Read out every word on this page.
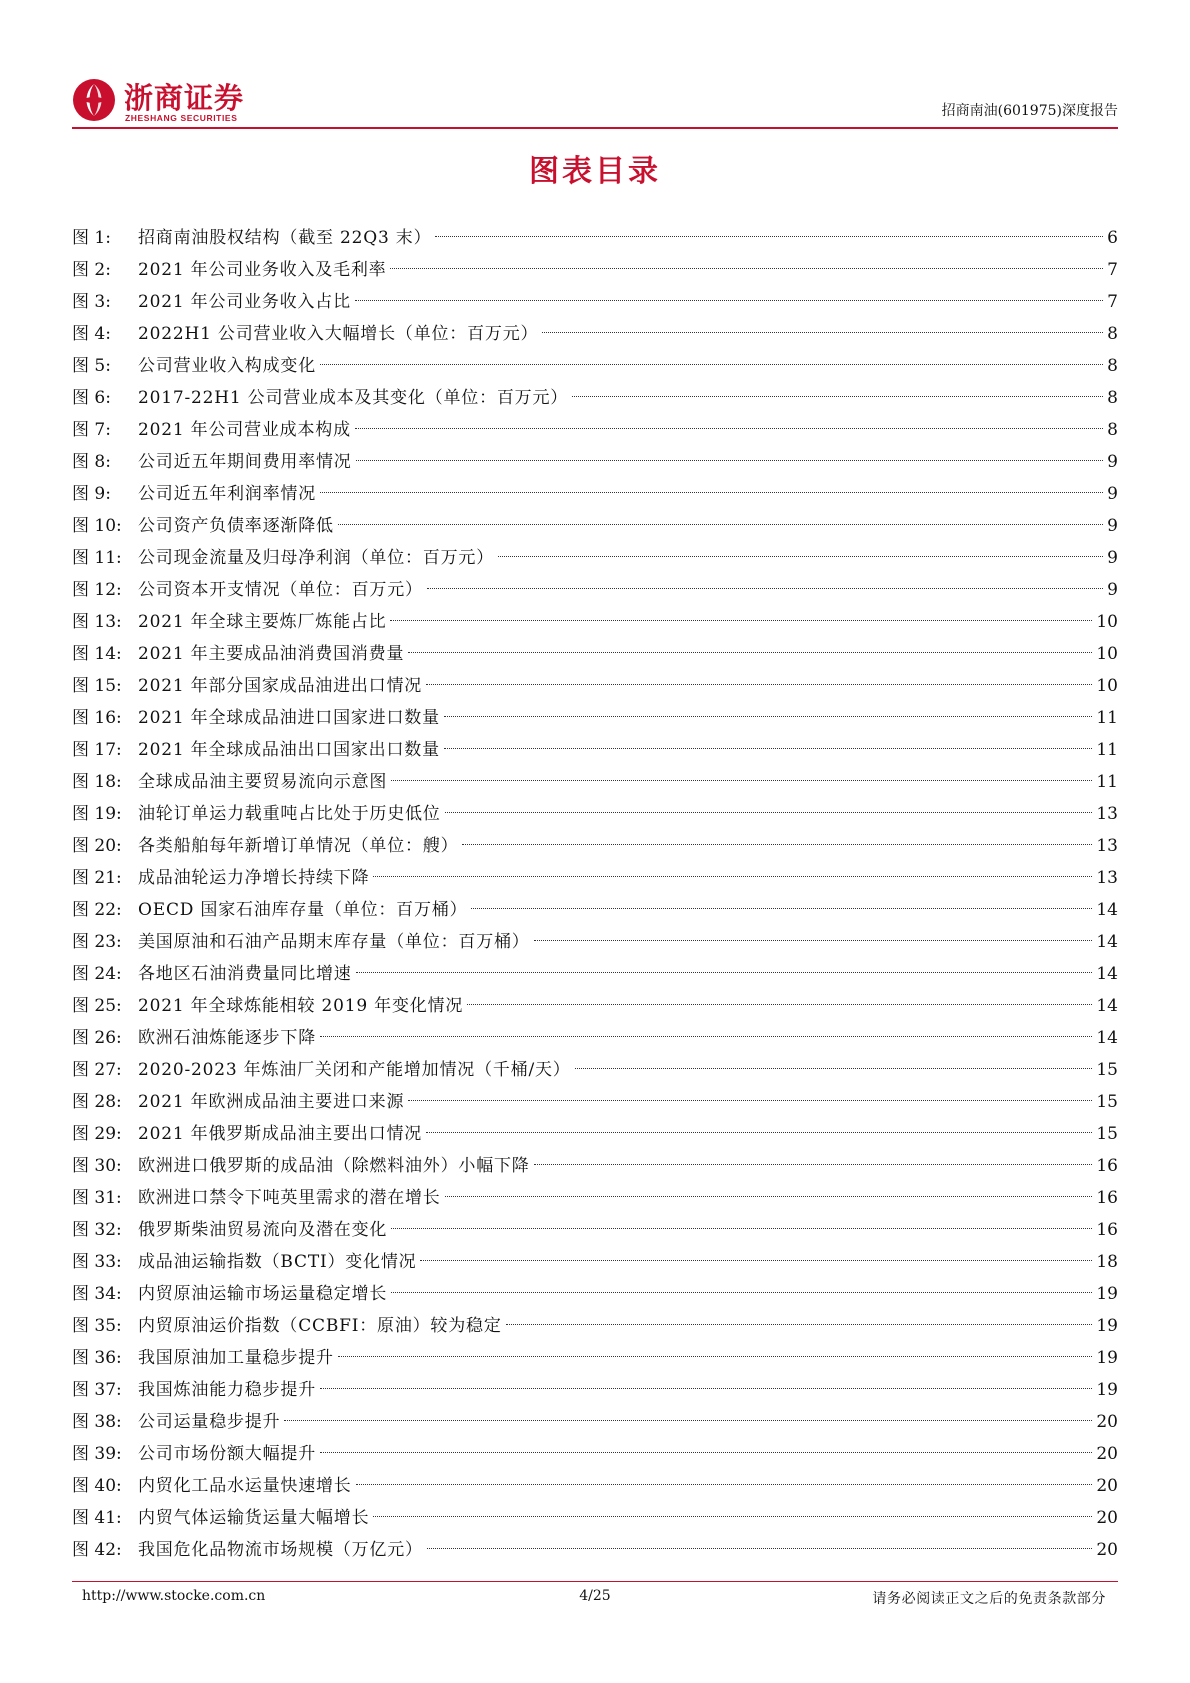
浙商证券
ZHESHANG SECURITIES	招商南油(601975)深度报告
图表目录
图 1:	招商南油股权结构（截至 22Q3 末）	6
图 2:	2021 年公司业务收入及毛利率	7
图 3:	2021 年公司业务收入占比	7
图 4:	2022H1 公司营业收入大幅增长（单位：百万元）	8
图 5:	公司营业收入构成变化	8
图 6:	2017-22H1 公司营业成本及其变化（单位：百万元）	8
图 7:	2021 年公司营业成本构成	8
图 8:	公司近五年期间费用率情况	9
图 9:	公司近五年利润率情况	9
图 10: 公司资产负债率逐渐降低	9
图 11: 公司现金流量及归母净利润（单位：百万元）	9
图 12: 公司资本开支情况（单位：百万元）	9
图 13: 2021 年全球主要炼厂炼能占比	10
图 14: 2021 年主要成品油消费国消费量	10
图 15: 2021 年部分国家成品油进出口情况	10
图 16: 2021 年全球成品油进口国家进口数量	11
图 17: 2021 年全球成品油出口国家出口数量	11
图 18: 全球成品油主要贸易流向示意图	11
图 19: 油轮订单运力载重吨占比处于历史低位	13
图 20: 各类船舶每年新增订单情况（单位：艘）	13
图 21: 成品油轮运力净增长持续下降	13
图 22: OECD 国家石油库存量（单位：百万桶）	14
图 23: 美国原油和石油产品期末库存量（单位：百万桶）	14
图 24: 各地区石油消费量同比增速	14
图 25: 2021 年全球炼能相较 2019 年变化情况	14
图 26: 欧洲石油炼能逐步下降	14
图 27: 2020-2023 年炼油厂关闭和产能增加情况（千桶/天）	15
图 28: 2021 年欧洲成品油主要进口来源	15
图 29: 2021 年俄罗斯成品油主要出口情况	15
图 30: 欧洲进口俄罗斯的成品油（除燃料油外）小幅下降	16
图 31: 欧洲进口禁令下吨英里需求的潜在增长	16
图 32: 俄罗斯柴油贸易流向及潜在变化	16
图 33: 成品油运输指数（BCTI）变化情况	18
图 34: 内贸原油运输市场运量稳定增长	19
图 35: 内贸原油运价指数（CCBFI：原油）较为稳定	19
图 36: 我国原油加工量稳步提升	19
图 37: 我国炼油能力稳步提升	19
图 38: 公司运量稳步提升	20
图 39: 公司市场份额大幅提升	20
图 40: 内贸化工品水运量快速增长	20
图 41: 内贸气体运输货运量大幅增长	20
图 42: 我国危化品物流市场规模（万亿元）	20
http://www.stocke.com.cn	4/25	请务必阅读正文之后的免责条款部分
